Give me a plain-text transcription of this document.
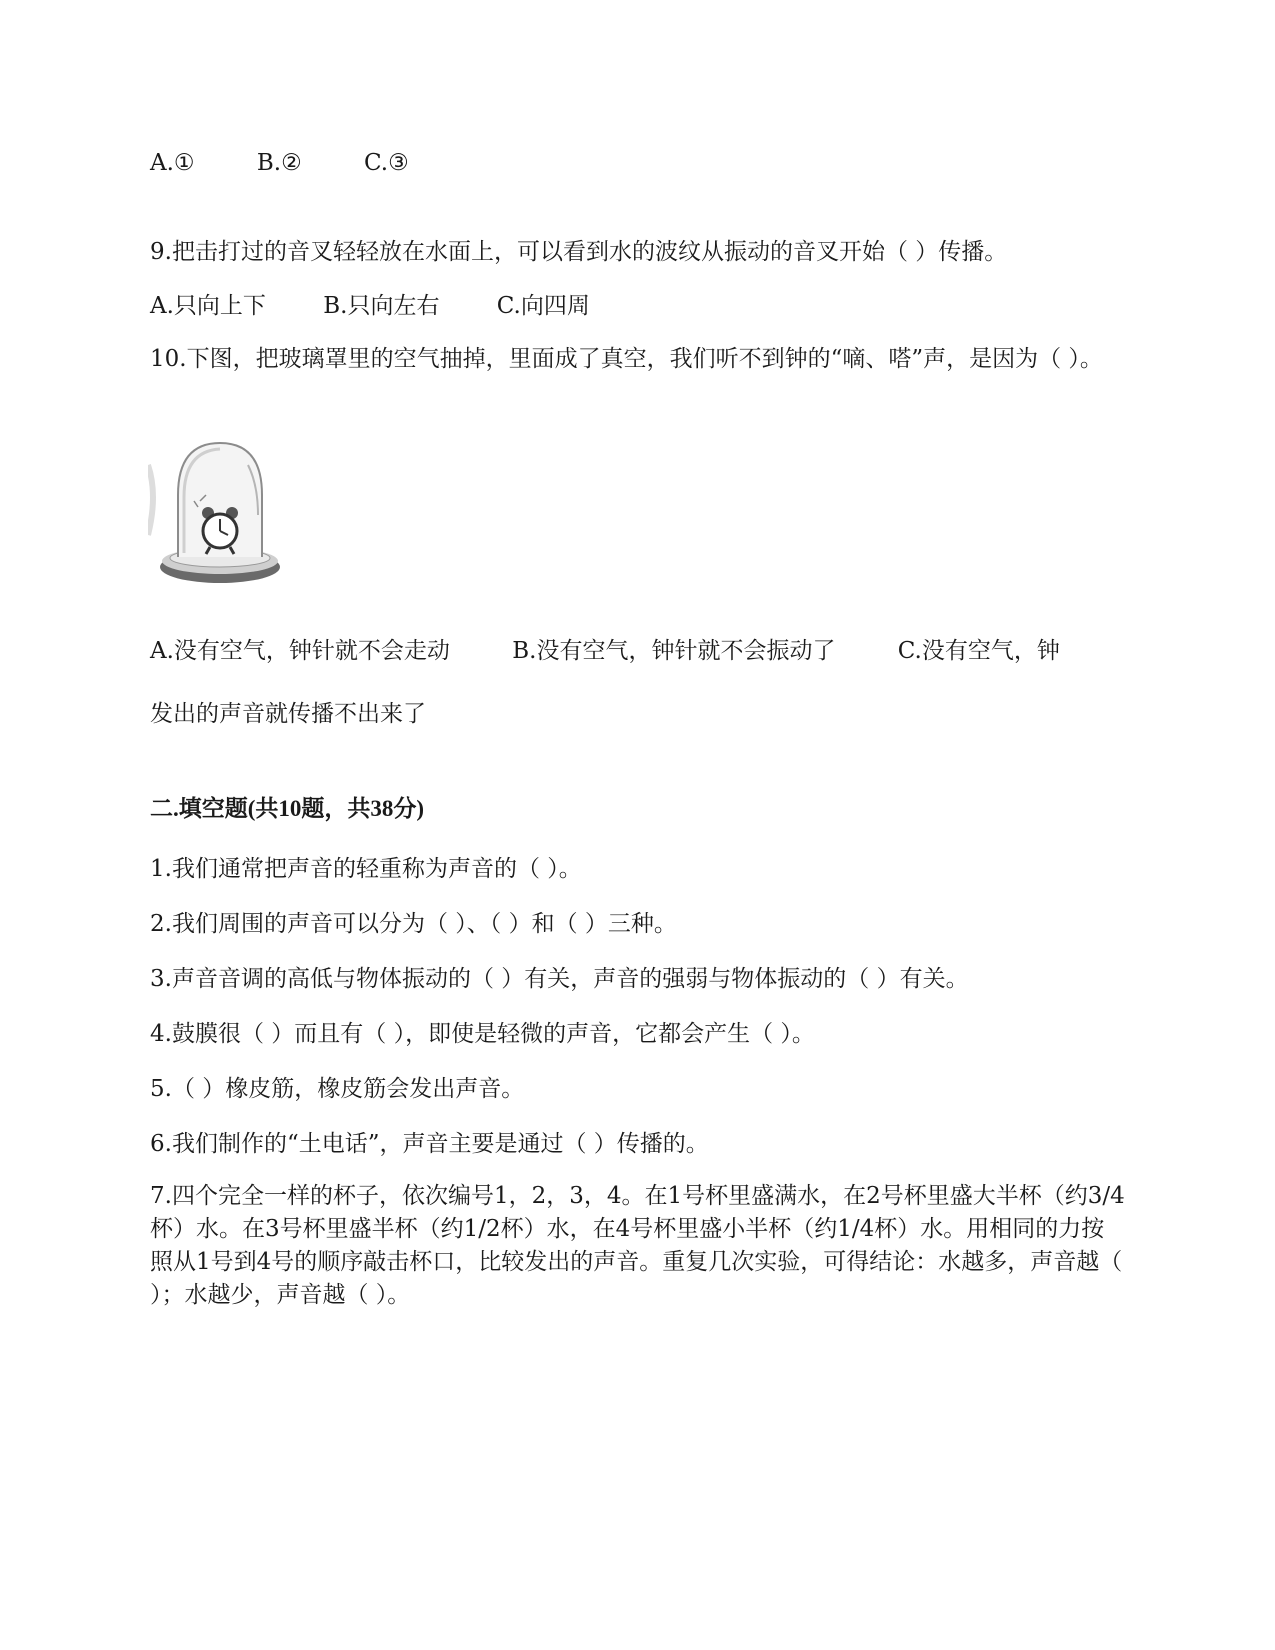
A.①	B.②	C.③
9.把击打过的音叉轻轻放在水面上，可以看到水的波纹从振动的音叉开始（ ）传播。
A.只向上下 B.只向左右 C.向四周
10.下图，把玻璃罩里的空气抽掉，里面成了真空，我们听不到钟的“嘀、嗒”声，是因为（ ）。
A.没有空气，钟针就不会走动	B.没有空气，钟针就不会振动了	C.没有空气，钟
发出的声音就传播不出来了
二.填空题(共10题，共38分)
1.我们通常把声音的轻重称为声音的（ ）。
2.我们周围的声音可以分为（ ）、（ ）和（ ）三种。
3.声音音调的高低与物体振动的（ ）有关，声音的强弱与物体振动的（ ）有关。
4.鼓膜很（ ）而且有（ ），即使是轻微的声音，它都会产生（ ）。
5.（ ）橡皮筋，橡皮筋会发出声音。
6.我们制作的“土电话”，声音主要是通过（ ）传播的。
7.四个完全一样的杯子，依次编号1，2，3，4。在1号杯里盛满水，在2号杯里盛大半杯（约3/4杯）水。在3号杯里盛半杯（约1/2杯）水，在4号杯里盛小半杯（约1/4杯）水。用相同的力按照从1号到4号的顺序敲击杯口，比较发出的声音。重复几次实验，可得结论：水越多，声音越（ ）；水越少，声音越（ ）。
